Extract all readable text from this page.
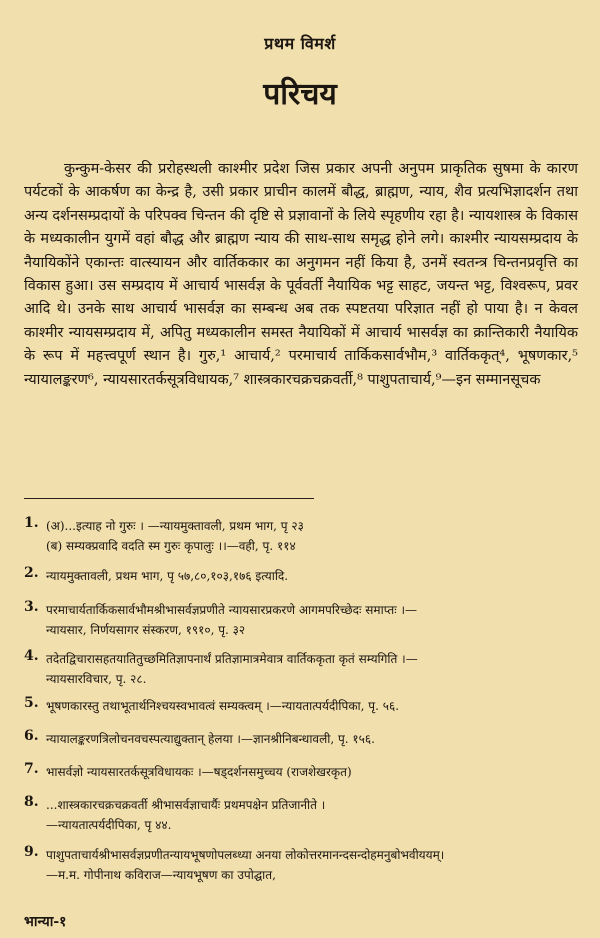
प्रथम विमर्श
परिचय

कुन्कुम-केसर की प्ररोहस्थली काश्मीर प्रदेश जिस प्रकार अपनी अनुपम प्राकृतिक सुषमा के कारण पर्यटकों के आकर्षण का केन्द्र है, उसी प्रकार प्राचीन कालमें बौद्ध, ब्राह्मण, न्याय, शैव प्रत्यभिज्ञादर्शन तथा अन्य दर्शनसम्प्रदायों के परिपक्व चिन्तन की दृष्टि से प्रज्ञावानों के लिये स्पृहणीय रहा है। न्यायशास्त्र के विकास के मध्यकालीन युगमें वहां बौद्ध और ब्राह्मण न्याय की साथ-साथ समृद्ध होने लगे। काश्मीर न्यायसम्प्रदाय के नैयायिकोंने एकान्तः वात्स्यायन और वार्तिककार का अनुगमन नहीं किया है, उनमें स्वतन्त्र चिन्तनप्रवृत्ति का विकास हुआ। उस सम्प्रदाय में आचार्य भासर्वज्ञ के पूर्ववर्ती नैयायिक भट्ट साहट, जयन्त भट्ट, विश्वरूप, प्रवर आदि थे। उनके साथ आचार्य भासर्वज्ञ का सम्बन्ध अब तक स्पष्टतया परिज्ञात नहीं हो पाया है। न केवल काश्मीर न्यायसम्प्रदाय में, अपितु मध्यकालीन समस्त नैयायिकों में आचार्य भासर्वज्ञ का क्रान्तिकारी नैयायिक के रूप में महत्त्वपूर्ण स्थान है। गुरु,¹ आचार्य,² परमाचार्य तार्किकसार्वभौम,³ वार्तिककृत्⁴, भूषणकार,⁵ न्यायालङ्करण⁶, न्यायसारतर्कसूत्रविधायक,⁷ शास्त्रकारचक्रचक्रवर्ती,⁸ पाशुपताचार्य,⁹—इन सम्मानसूचक

1. (अ)...इत्याह नो गुरुः । —न्यायमुक्तावली, प्रथम भाग, पृ २३
(ब) सम्यक्प्रवादि वदति स्म गुरुः कृपालुः ।।—वही, पृ. ११४
2. न्यायमुक्तावली, प्रथम भाग, पृ ५७,८०,१०३,१७६ इत्यादि.
3. परमाचार्यतार्किकसार्वभौमश्रीभासर्वज्ञप्रणीते न्यायसारप्रकरणे आगमपरिच्छेदः समाप्तः ।—
न्यायसार, निर्णयसागर संस्करण, १९१०, पृ. ३२
4. तदेतद्विचारासहतयातितुच्छमितिज्ञापनार्थं प्रतिज्ञामात्रमेवात्र वार्तिककृता कृतं सम्यगिति ।—
न्यायसारविचार, पृ. २८.
5. भूषणकारस्तु तथाभूतार्थनिश्चयस्वभावत्वं सम्यक्त्वम् ।—न्यायतात्पर्यदीपिका, पृ. ५६.
6. न्यायालङ्करणत्रिलोचनवचस्पत्याद्युक्तान् हेलया ।—ज्ञानश्रीनिबन्धावली, पृ. १५६.
7. भासर्वज्ञो न्यायसारतर्कसूत्रविधायकः ।—षड्दर्शनसमुच्चय (राजशेखरकृत)
8. ...शास्त्रकारचक्रचक्रवर्ती श्रीभासर्वज्ञाचार्यैः प्रथमपक्षेन प्रतिजानीते ।
—न्यायतात्पर्यदीपिका, पृ ४४.
9. पाशुपताचार्यश्रीभासर्वज्ञप्रणीतन्यायभूषणोपलब्ध्या अनया लोकोत्तरमानन्दसन्दोहमनुबोभवीययम्।
—म.म. गोपीनाथ कविराज—न्यायभूषण का उपोद्घात,
भान्या-१
